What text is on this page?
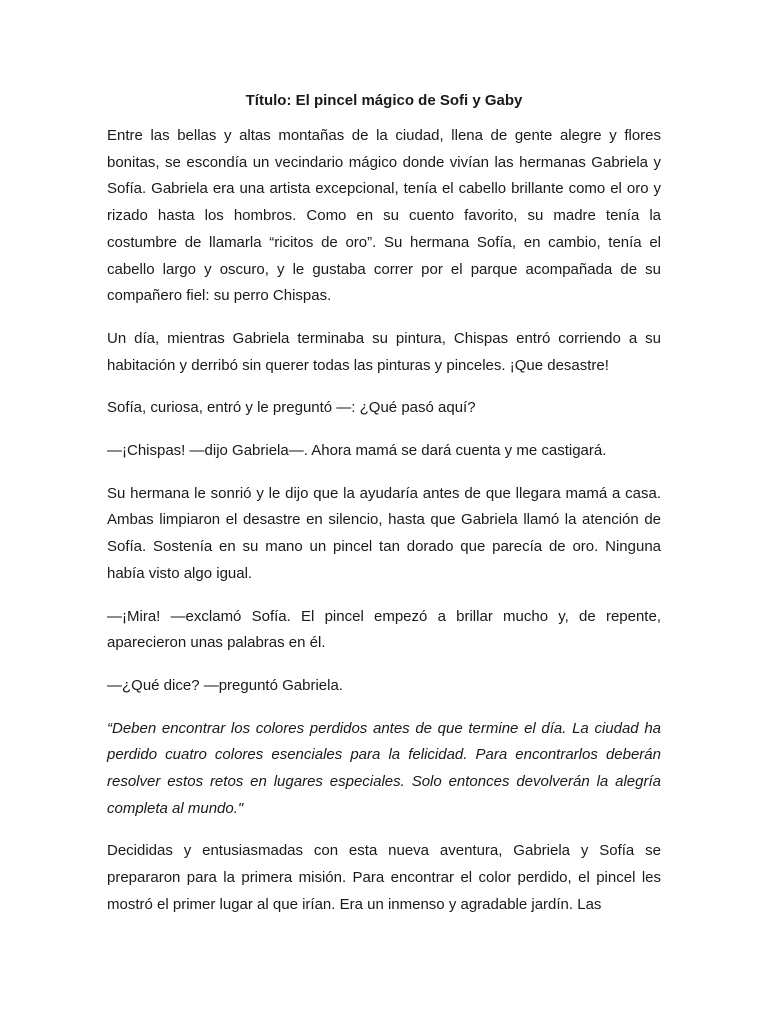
Título: El pincel mágico de Sofi y Gaby

Entre las bellas y altas montañas de la ciudad, llena de gente alegre y flores bonitas, se escondía un vecindario mágico donde vivían las hermanas Gabriela y Sofía. Gabriela era una artista excepcional, tenía el cabello brillante como el oro y rizado hasta los hombros. Como en su cuento favorito, su madre tenía la costumbre de llamarla “ricitos de oro”. Su hermana Sofía, en cambio, tenía el cabello largo y oscuro, y le gustaba correr por el parque acompañada de su compañero fiel: su perro Chispas.

Un día, mientras Gabriela terminaba su pintura, Chispas entró corriendo a su habitación y derribó sin querer todas las pinturas y pinceles. ¡Que desastre!

Sofía, curiosa, entró y le preguntó —: ¿Qué pasó aquí?

—¡Chispas! —dijo Gabriela—. Ahora mamá se dará cuenta y me castigará.

Su hermana le sonrió y le dijo que la ayudaría antes de que llegara mamá a casa. Ambas limpiaron el desastre en silencio, hasta que Gabriela llamó la atención de Sofía. Sostenía en su mano un pincel tan dorado que parecía de oro. Ninguna había visto algo igual.

—¡Mira! —exclamó Sofía. El pincel empezó a brillar mucho y, de repente, aparecieron unas palabras en él.

—¿Qué dice? —preguntó Gabriela.

“Deben encontrar los colores perdidos antes de que termine el día. La ciudad ha perdido cuatro colores esenciales para la felicidad. Para encontrarlos deberán resolver estos retos en lugares especiales. Solo entonces devolverán la alegría completa al mundo."

Decididas y entusiasmadas con esta nueva aventura, Gabriela y Sofía se prepararon para la primera misión. Para encontrar el color perdido, el pincel les mostró el primer lugar al que irían. Era un inmenso y agradable jardín. Las
